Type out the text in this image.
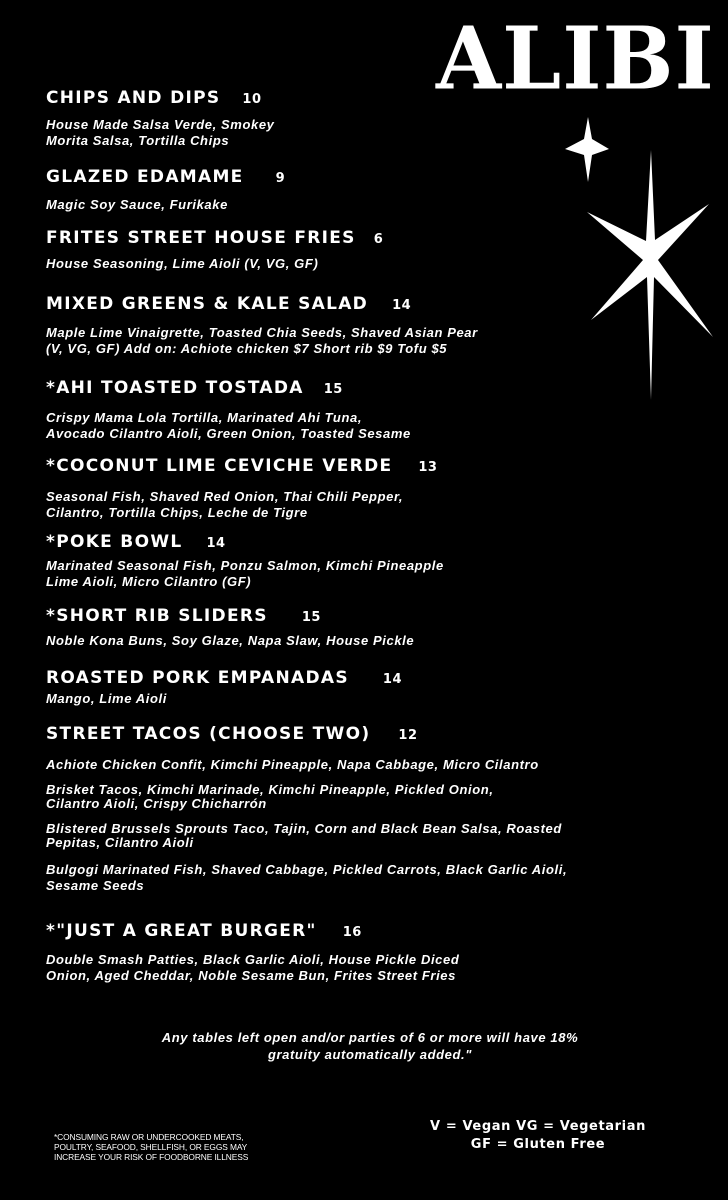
ALIBI
CHIPS AND DIPS 10

House Made Salsa Verde, Smokey
Morita Salsa, Tortilla Chips

GLAZED EDAMAME 9

Magic Soy Sauce, Furikake

FRITES STREET HOUSE FRIES 6

House Seasoning, Lime Aioli (V, VG, GF)

MIXED GREENS & KALE SALAD 14

Maple Lime Vinaigrette, Toasted Chia Seeds, Shaved Asian Pear
(V, VG, GF) Add on: Achiote chicken $7 Short rib $9 Tofu $5

*AHI TOASTED TOSTADA 15

Crispy Mama Lola Tortilla, Marinated Ahi Tuna,
Avocado Cilantro Aioli, Green Onion, Toasted Sesame

*COCONUT LIME CEVICHE VERDE 13

Seasonal Fish, Shaved Red Onion, Thai Chili Pepper,
Cilantro, Tortilla Chips, Leche de Tigre

*POKE BOWL 14

Marinated Seasonal Fish, Ponzu Salmon, Kimchi Pineapple
Lime Aioli, Micro Cilantro (GF)

*SHORT RIB SLIDERS	15

Noble Kona Buns, Soy Glaze, Napa Slaw, House Pickle

ROASTED PORK EMPANADAS	14

Mango, Lime Aioli

STREET TACOS (CHOOSE TWO) 12

Achiote Chicken Confit, Kimchi Pineapple, Napa Cabbage, Micro Cilantro

Brisket Tacos, Kimchi Marinade, Kimchi Pineapple, Pickled Onion,
Cilantro Aioli, Crispy Chicharrón

Blistered Brussels Sprouts Taco, Tajin, Corn and Black Bean Salsa, Roasted
Pepitas, Cilantro Aioli

Bulgogi Marinated Fish, Shaved Cabbage, Pickled Carrots, Black Garlic Aioli,
Sesame Seeds

*"JUST A GREAT BURGER" 16

Double Smash Patties, Black Garlic Aioli, House Pickle Diced
Onion, Aged Cheddar, Noble Sesame Bun, Frites Street Fries

Any tables left open and/or parties of 6 or more will have 18%
gratuity automatically added."
*CONSUMING RAW OR UNDERCOOKED MEATS,
POULTRY, SEAFOOD, SHELLFISH, OR EGGS MAY
INCREASE YOUR RISK OF FOODBORNE ILLNESS
V = Vegan VG = Vegetarian
GF = Gluten Free
